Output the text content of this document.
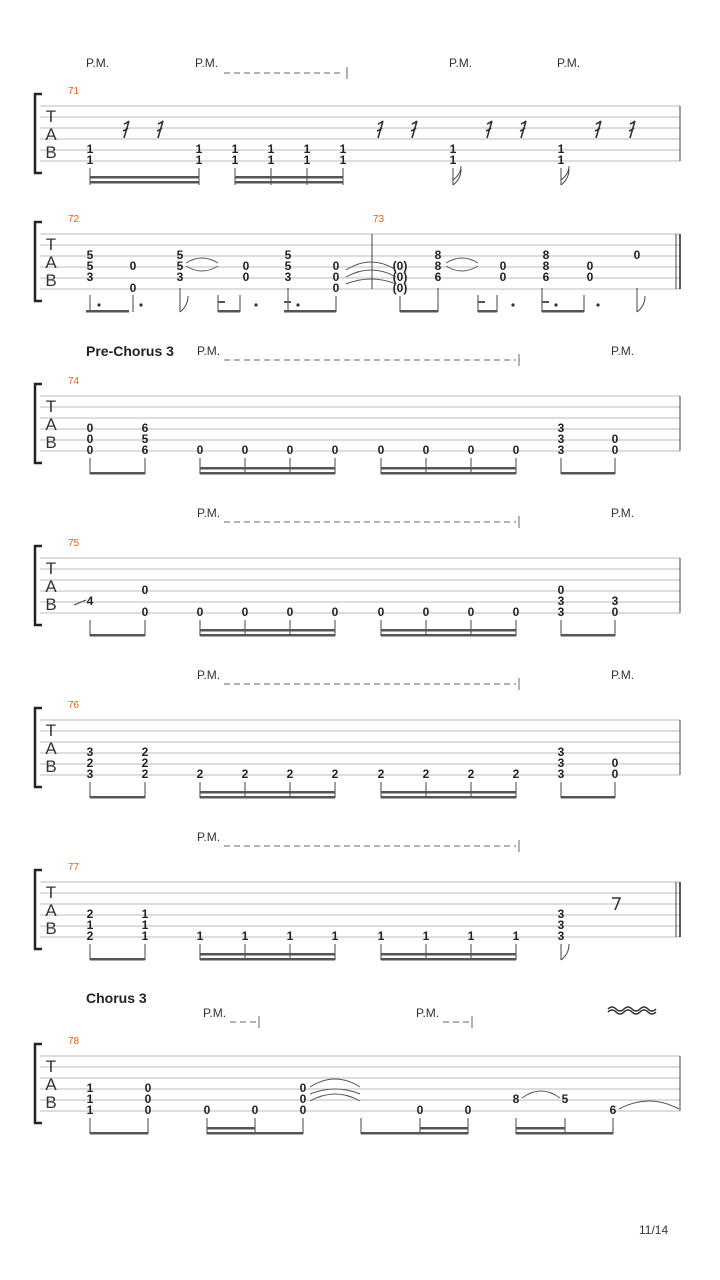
11/14
P.M.	P.M.	P.M.	P.M.
71
T
A
B 1
1
1
1
1
1
1
1
1
1
1
1
1
1
1
1
72	73
T
A
B
5
5
3
0
0
5
5
3
0
0
5
5
3
0
0
0
(0)
(0)
(0)
8
8
6
0
0
8
8
6
0
0
0
Pre-Chorus 3 P.M.	P.M.
74
T
A
B
0
0
0
6
5
6	0	0	0	0	0	0	0	0
3
3
3
0
0
P.M.	P.M.
75
T
A
B 4
0
0	0	0	0	0	0	0	0	0
0
3
3
3
0
P.M.	P.M.
76
T
A
B
3	2
3
2
2
2
2	2	2	2	2	2	2	2
3
3
3
0
0
P.M.
77
T
A
B
2	1
2	1	1	1	1	1	1	1	1	1
1	1
3
3
3
Chorus 3
P.M.	P.M.
78
T
A
B
1
1
1
0
0
0	0	0
0
0
0	0	0
8	5
6
